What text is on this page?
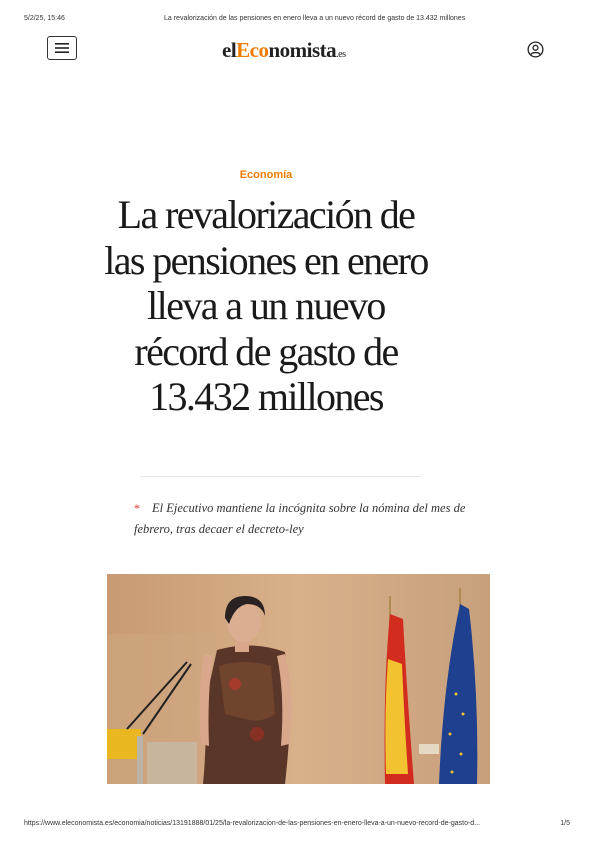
5/2/25, 15:46	La revalorización de las pensiones en enero lleva a un nuevo récord de gasto de 13.432 millones
elEconomista.es
Economía
La revalorización de las pensiones en enero lleva a un nuevo récord de gasto de 13.432 millones

* El Ejecutivo mantiene la incógnita sobre la nómina del mes de febrero, tras decaer el decreto-ley

https://www.eleconomista.es/economia/noticias/13191888/01/25/la-revalorizacion-de-las-pensiones-en-enero-lleva-a-un-nuevo-record-de-gasto-d...	1/5
